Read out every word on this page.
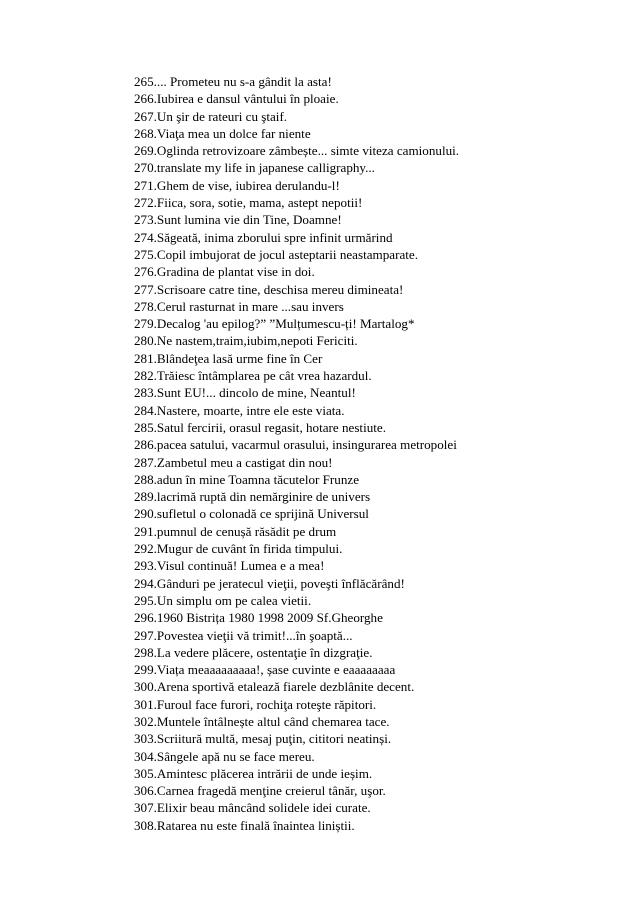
265.... Prometeu nu s-a gândit la asta!
266.Iubirea e dansul vântului în ploaie.
267.Un şir de rateuri cu ştaif.
268.Viaţa mea un dolce far niente
269.Oglinda retrovizoare zâmbește... simte viteza camionului.
270.translate my life in japanese calligraphy...
271.Ghem de vise, iubirea derulandu-l!
272.Fiica, sora, sotie, mama, astept nepotii!
273.Sunt lumina vie din Tine, Doamne!
274.Săgeată, inima zborului spre infinit urmărind
275.Copil imbujorat de jocul asteptarii neastamparate.
276.Gradina de plantat vise in doi.
277.Scrisoare catre tine, deschisa mereu dimineata!
278.Cerul rasturnat in mare ...sau invers
279.Decalog 'au epilog?” ”Mulțumescu-ți! Martalog*
280.Ne nastem,traim,iubim,nepoti Fericiti.
281.Blândeţea lasă urme fine în Cer
282.Trăiesc întâmplarea pe cât vrea hazardul.
283.Sunt EU!... dincolo de mine, Neantul!
284.Nastere, moarte, intre ele este viata.
285.Satul fercirii, orasul regasit, hotare nestiute.
286.pacea satului, vacarmul orasului, insingurarea metropolei
287.Zambetul meu a castigat din nou!
288.adun în mine Toamna tăcutelor Frunze
289.lacrimă ruptă din nemărginire de univers
290.sufletul o colonadă ce sprijină Universul
291.pumnul de cenușă răsădit pe drum
292.Mugur de cuvânt în firida timpului.
293.Visul continuă! Lumea e a mea!
294.Gânduri pe jeratecul vieţii, poveşti înflăcărând!
295.Un simplu om pe calea vietii.
296.1960 Bistrița 1980 1998 2009 Sf.Gheorghe
297.Povestea vieţii vă trimit!...în şoaptă...
298.La vedere plăcere, ostentaţie în dizgraţie.
299.Viața meaaaaaaaaa!, șase cuvinte e eaaaaaaaa
300.Arena sportivă etalează fiarele dezblânite decent.
301.Furoul face furori, rochiţa roteşte răpitori.
302.Muntele întâlnește altul când chemarea tace.
303.Scriitură multă, mesaj puţin, cititori neatinși.
304.Sângele apă nu se face mereu.
305.Amintesc plăcerea intrării de unde ieșim.
306.Carnea fragedă menţine creierul tânăr, uşor.
307.Elixir beau mâncând solidele idei curate.
308.Ratarea nu este finală înaintea liniștii.
